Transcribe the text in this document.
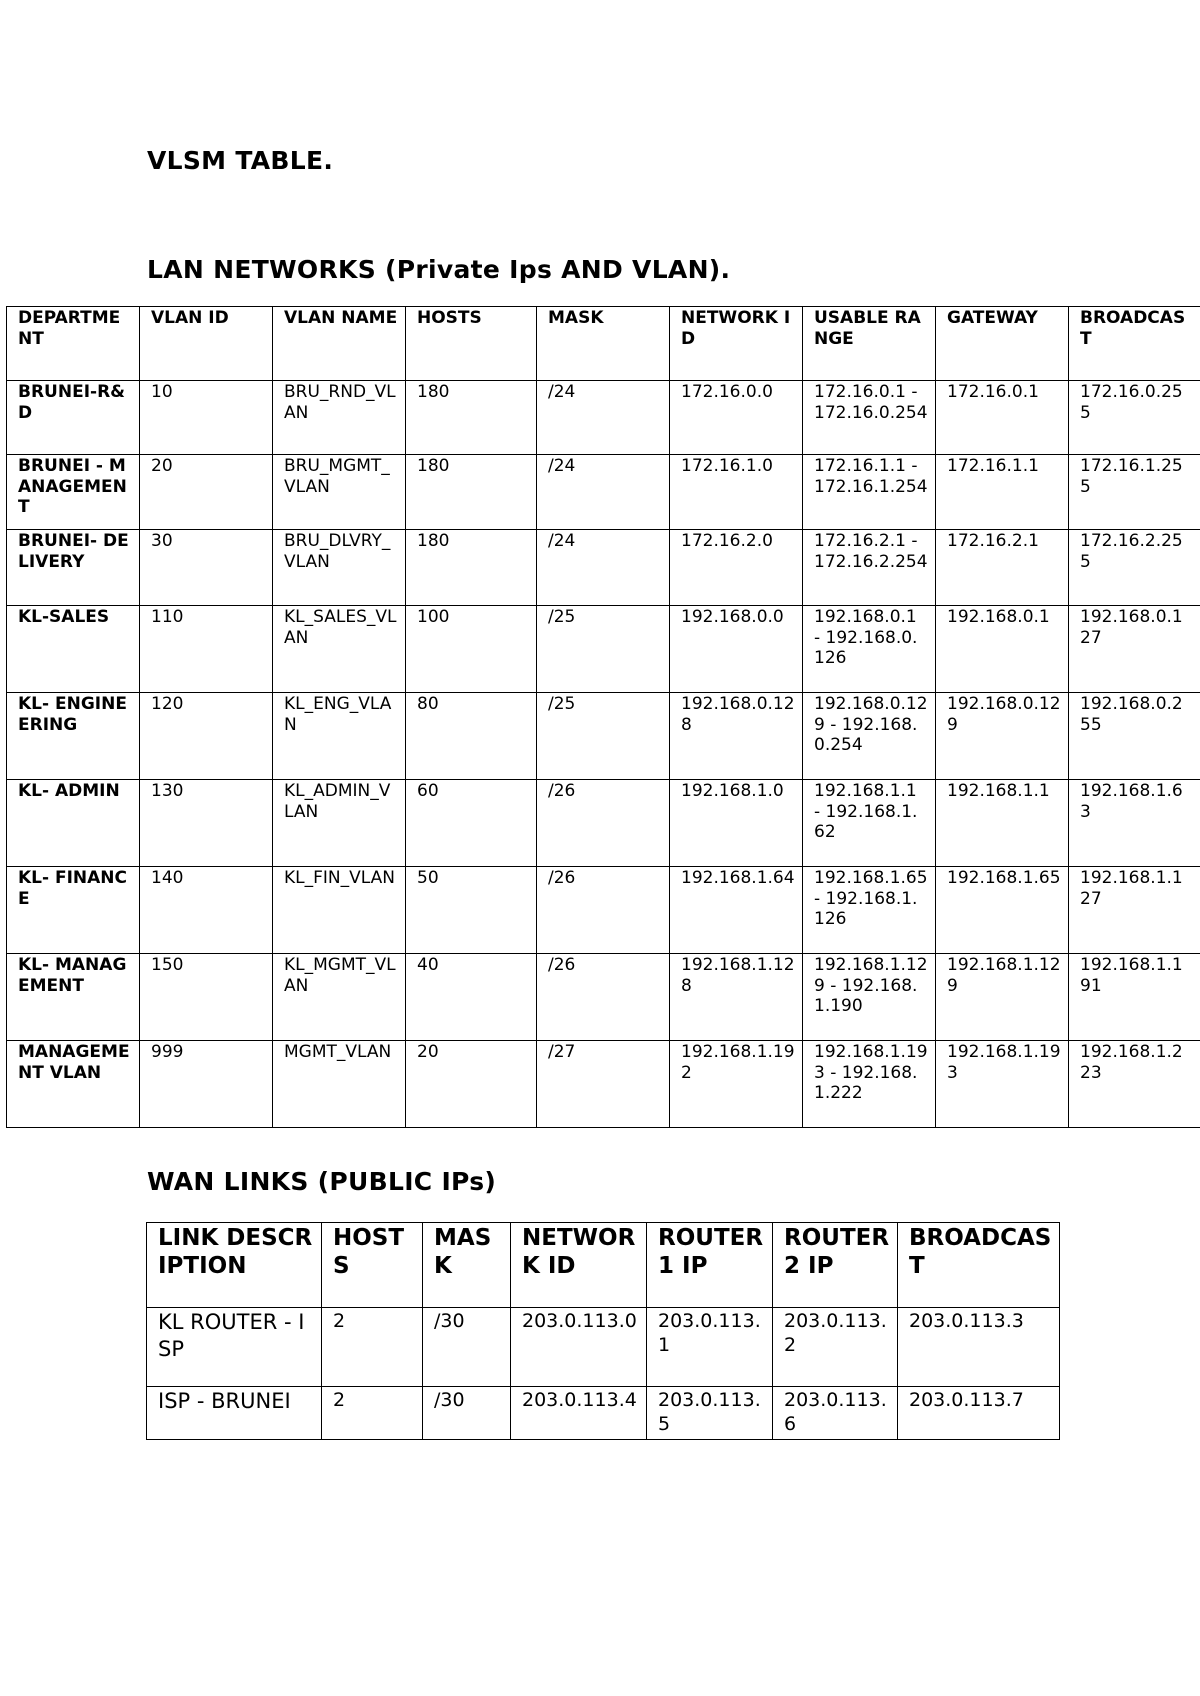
VLSM TABLE.
LAN NETWORKS (Private Ips AND VLAN).
DEPARTMENT	VLAN ID	VLAN NAME	HOSTS	MASK	NETWORK ID	USABLE RANGE	GATEWAY	BROADCAST
BRUNEI-R&D	10	BRU_RND_VLAN	180	/24	172.16.0.0	172.16.0.1 - 172.16.0.254	172.16.0.1	172.16.0.255
BRUNEI - MANAGEMENT	20	BRU_MGMT_VLAN	180	/24	172.16.1.0	172.16.1.1 - 172.16.1.254	172.16.1.1	172.16.1.255
BRUNEI- DELIVERY	30	BRU_DLVRY_VLAN	180	/24	172.16.2.0	172.16.2.1 - 172.16.2.254	172.16.2.1	172.16.2.255
KL-SALES	110	KL_SALES_VLAN	100	/25	192.168.0.0	192.168.0.1 - 192.168.0.126	192.168.0.1	192.168.0.127
KL- ENGINEERING	120	KL_ENG_VLAN	80	/25	192.168.0.128	192.168.0.129 - 192.168.0.254	192.168.0.129	192.168.0.255
KL- ADMIN	130	KL_ADMIN_VLAN	60	/26	192.168.1.0	192.168.1.1 - 192.168.1.62	192.168.1.1	192.168.1.63
KL- FINANCE	140	KL_FIN_VLAN	50	/26	192.168.1.64	192.168.1.65 - 192.168.1.126	192.168.1.65	192.168.1.127
KL- MANAGEMENT	150	KL_MGMT_VLAN	40	/26	192.168.1.128	192.168.1.129 - 192.168.1.190	192.168.1.129	192.168.1.191
MANAGEMENT VLAN	999	MGMT_VLAN	20	/27	192.168.1.192	192.168.1.193 - 192.168.1.222	192.168.1.193	192.168.1.223
WAN LINKS (PUBLIC IPs)
LINK DESCRIPTION	HOSTS	MASK	NETWORK ID	ROUTER 1 IP	ROUTER 2 IP	BROADCAST
KL ROUTER - ISP	2	/30	203.0.113.0	203.0.113.1	203.0.113.2	203.0.113.3
ISP - BRUNEI	2	/30	203.0.113.4	203.0.113.5	203.0.113.6	203.0.113.7
